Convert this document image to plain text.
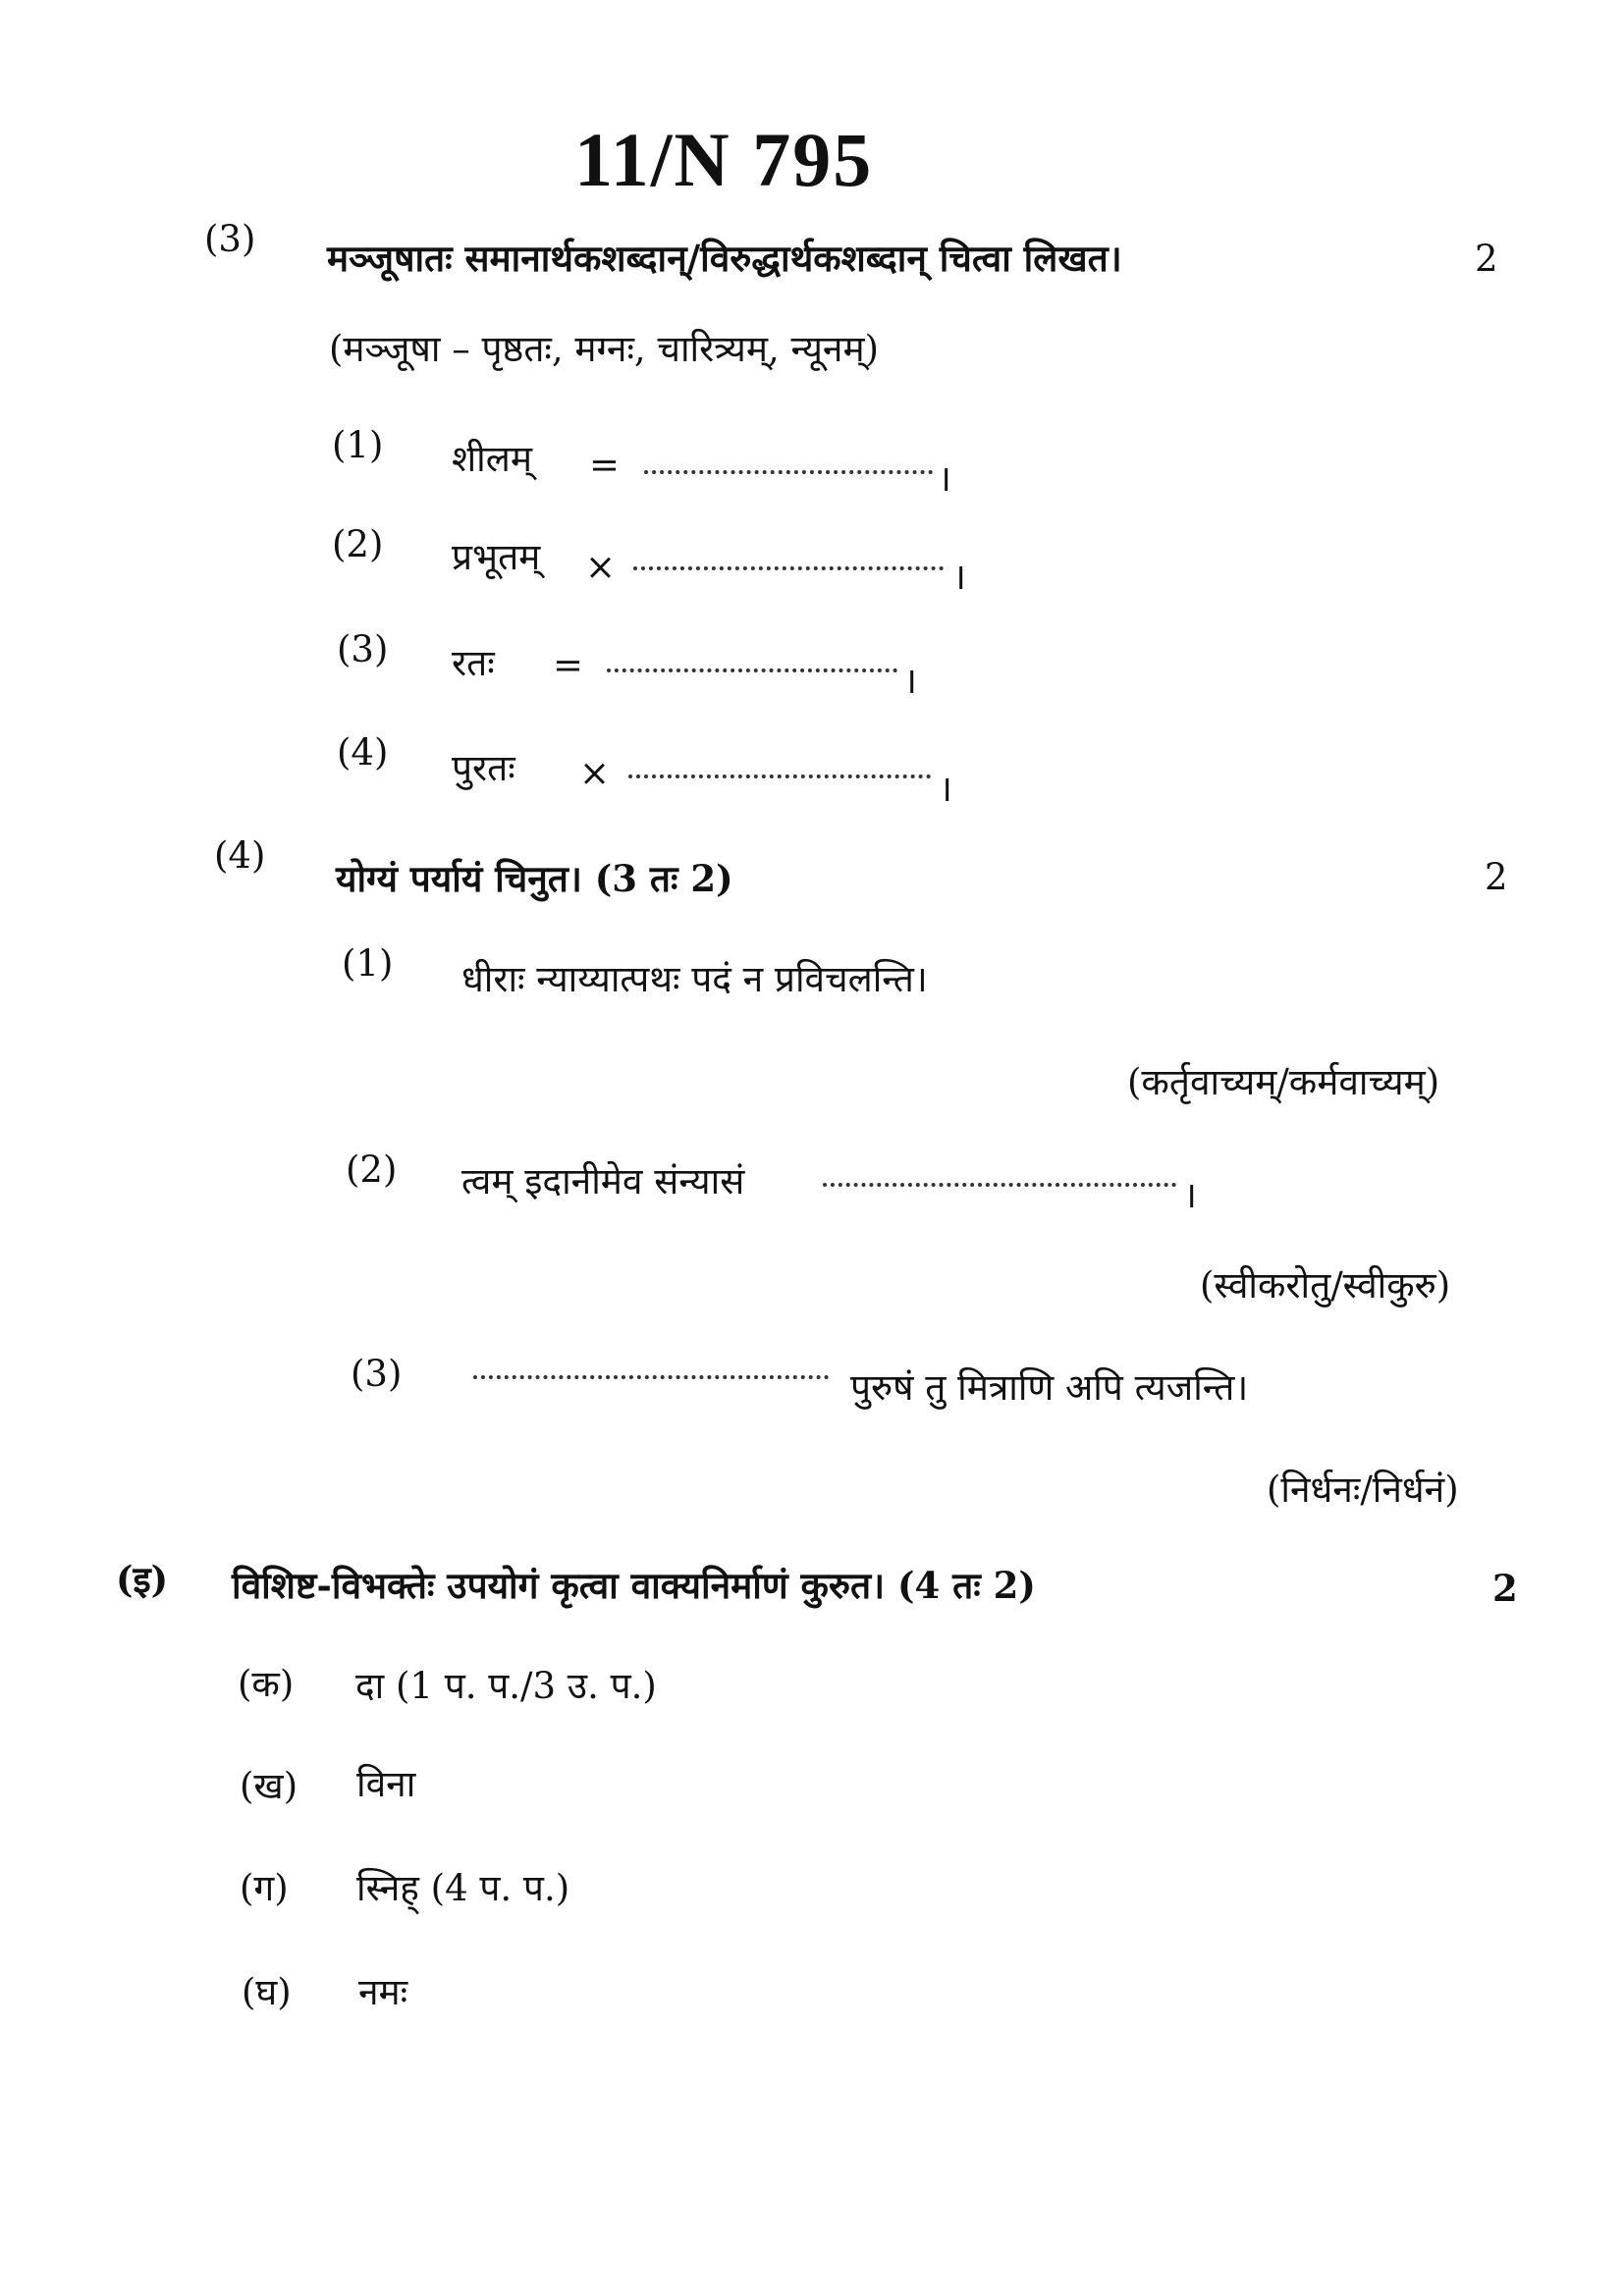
11/N 795
(3) मञ्जूषातः समानार्थकशब्दान्/विरुद्धार्थकशब्दान् चित्वा लिखत।	2
(मञ्जूषा – पृष्ठतः, मग्नः, चारित्र्यम्, न्यूनम्)
(1) शीलम् =	।
(2) प्रभूतम् ×	।
(3) रतः =	।
(4) पुरतः ×	।
(4)
योग्यं पर्यायं चिनुत। (3 तः 2)	2
(1) धीराः न्याय्यात्पथः पदं न प्रविचलन्ति।
(कर्तृवाच्यम्/कर्मवाच्यम्)
(2) त्वम् इदानीमेव संन्यासं	।
(स्वीकरोतु/स्वीकुरु)
(3)	पुरुषं तु मित्राणि अपि त्यजन्ति।
(निर्धनः/निर्धनं)
(इ) विशिष्ट-विभक्तेः उपयोगं कृत्वा वाक्यनिर्माणं कुरुत। (4 तः 2)	2
(क) दा (1 प. प./3 उ. प.)
(ख) विना
(ग) स्निह् (4 प. प.)
(घ) नमः
